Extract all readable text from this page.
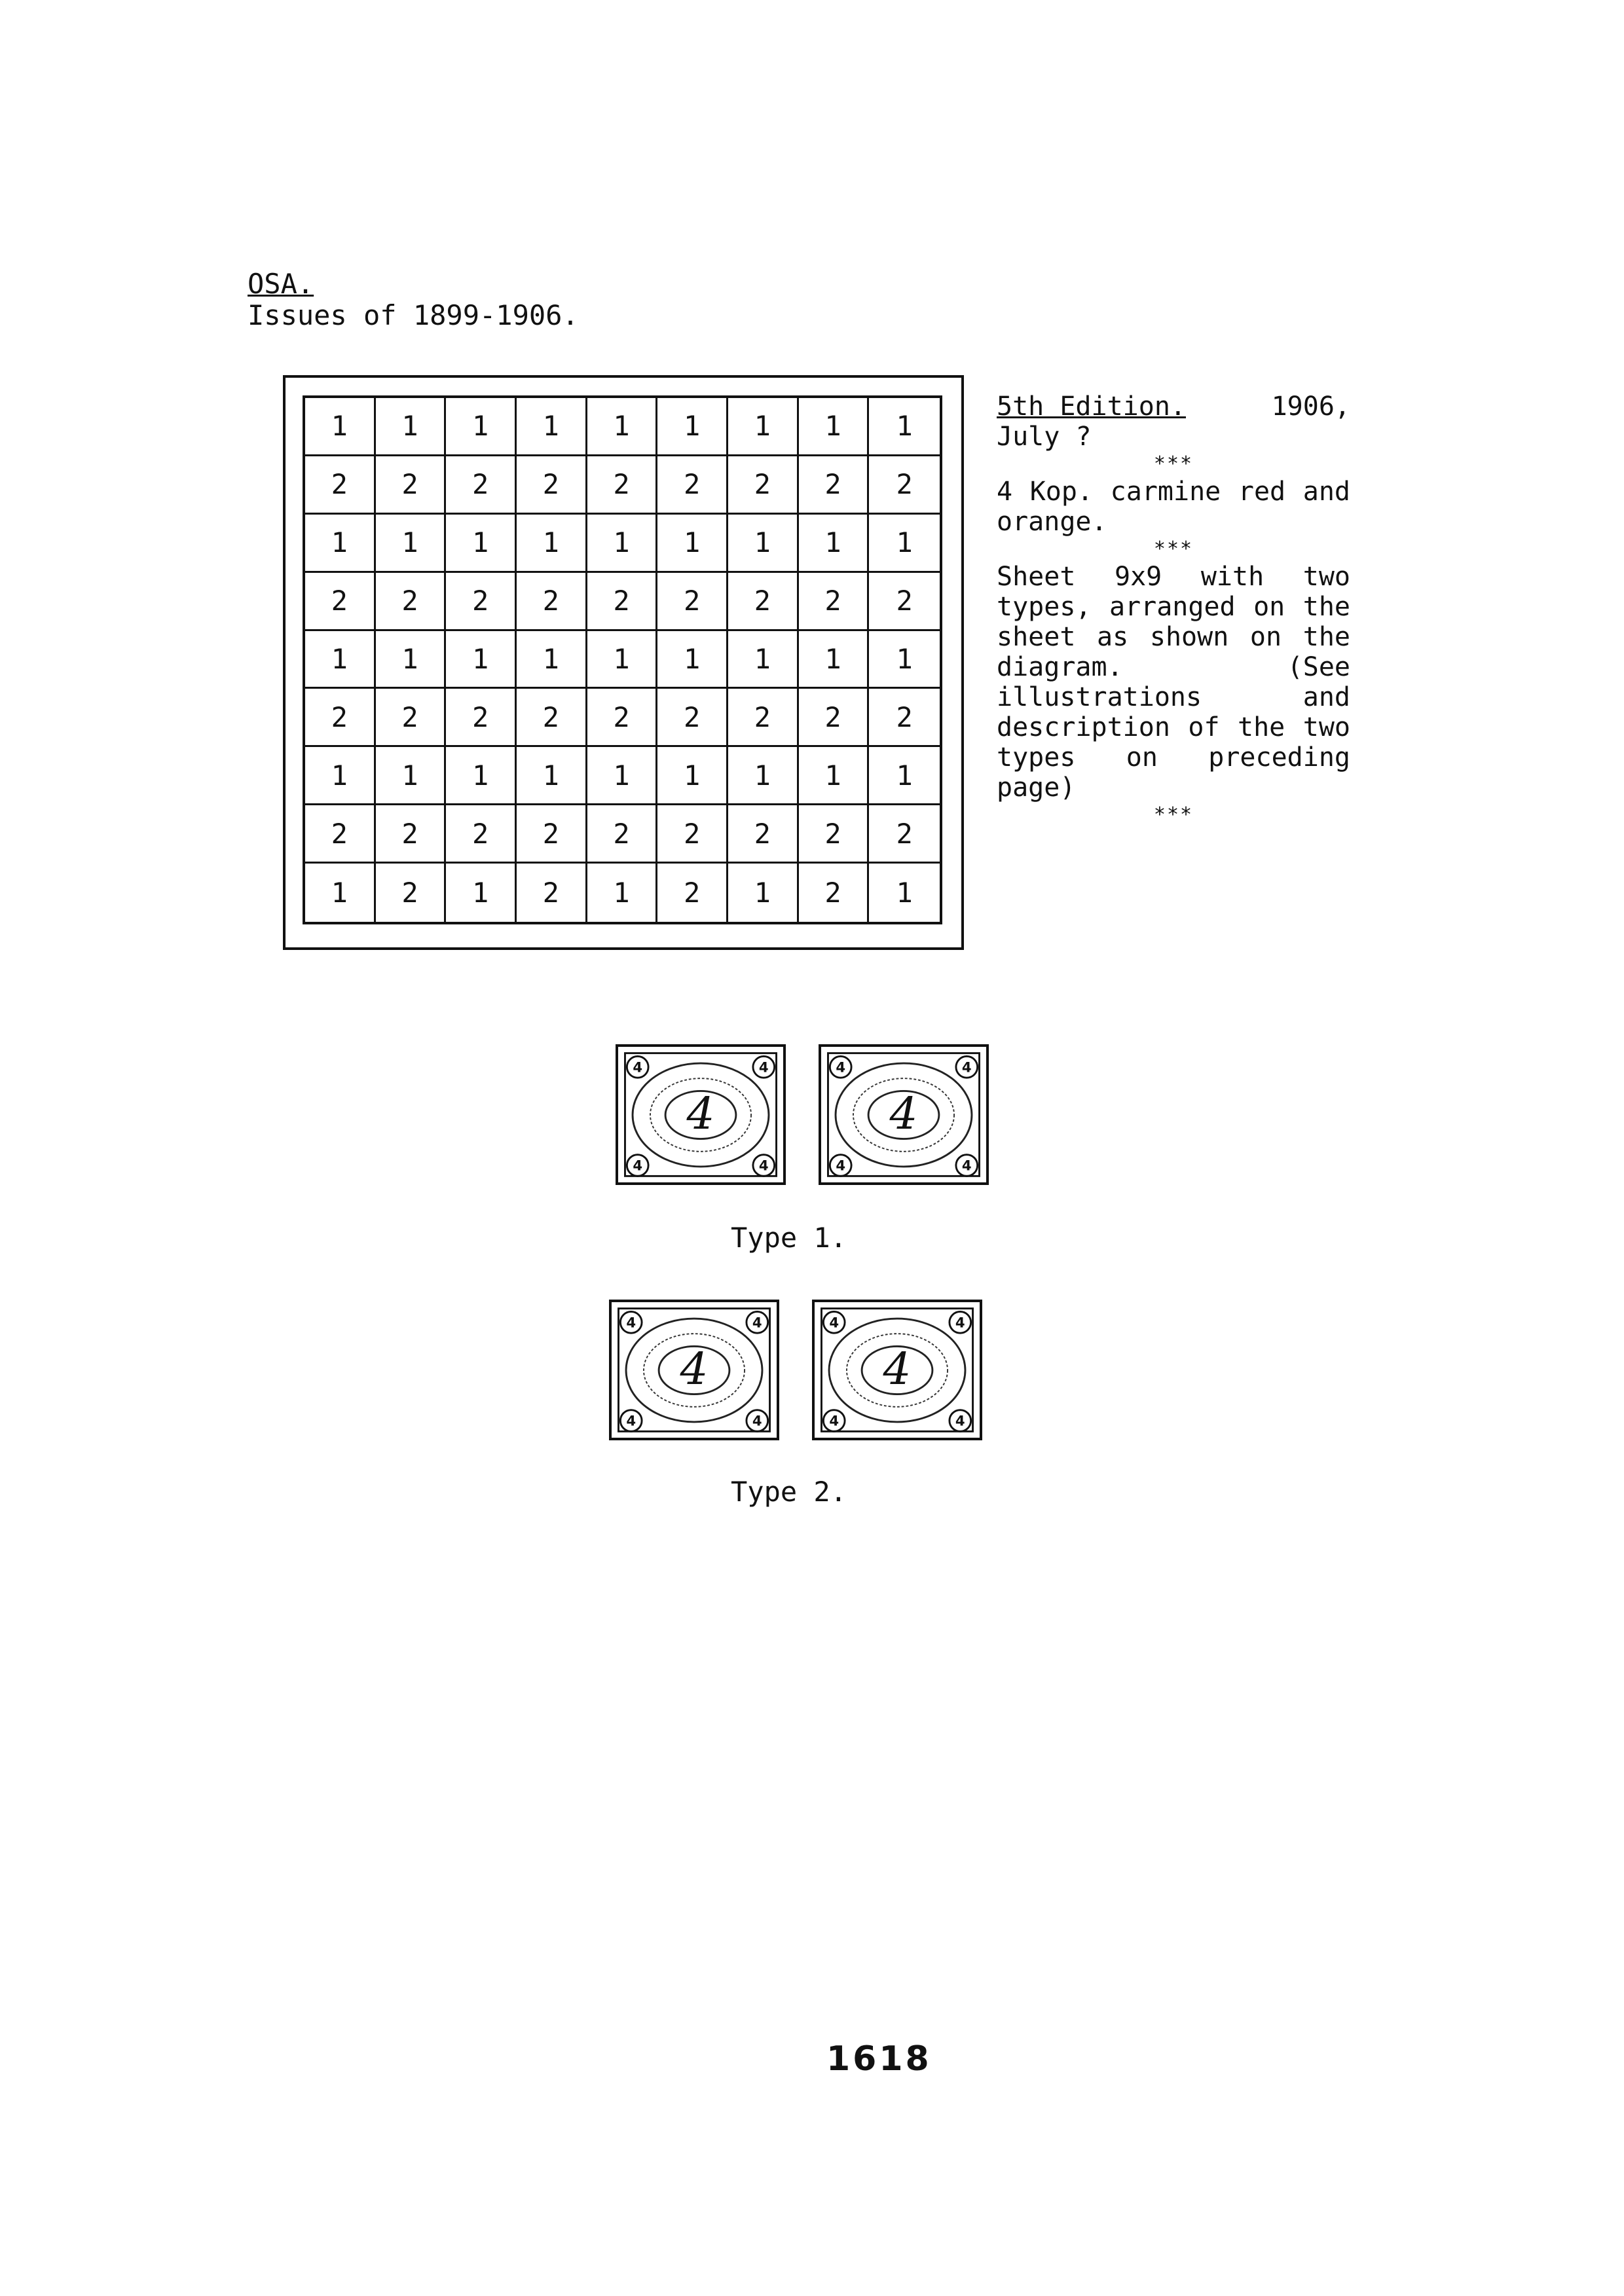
OSA.
Issues of 1899-1906.
1	1	1	1	1	1	1	1	1
2	2	2	2	2	2	2	2	2
1	1	1	1	1	1	1	1	1
2	2	2	2	2	2	2	2	2
1	1	1	1	1	1	1	1	1
2	2	2	2	2	2	2	2	2
1	1	1	1	1	1	1	1	1
2	2	2	2	2	2	2	2	2
1	2	1	2	1	2	1	2	1
5th Edition.	1906,
July ?
***

4 Kop. carmine red and orange.

***

Sheet 9x9 with two types, arranged on the sheet as shown on the diagram. (See illustrations and description of the two types on preceding page)

***
4	4
4	4
4
4	4
4	4
4
Type 1.
4	4
4	4
4
4	4
4	4
4
Type 2.
1618
